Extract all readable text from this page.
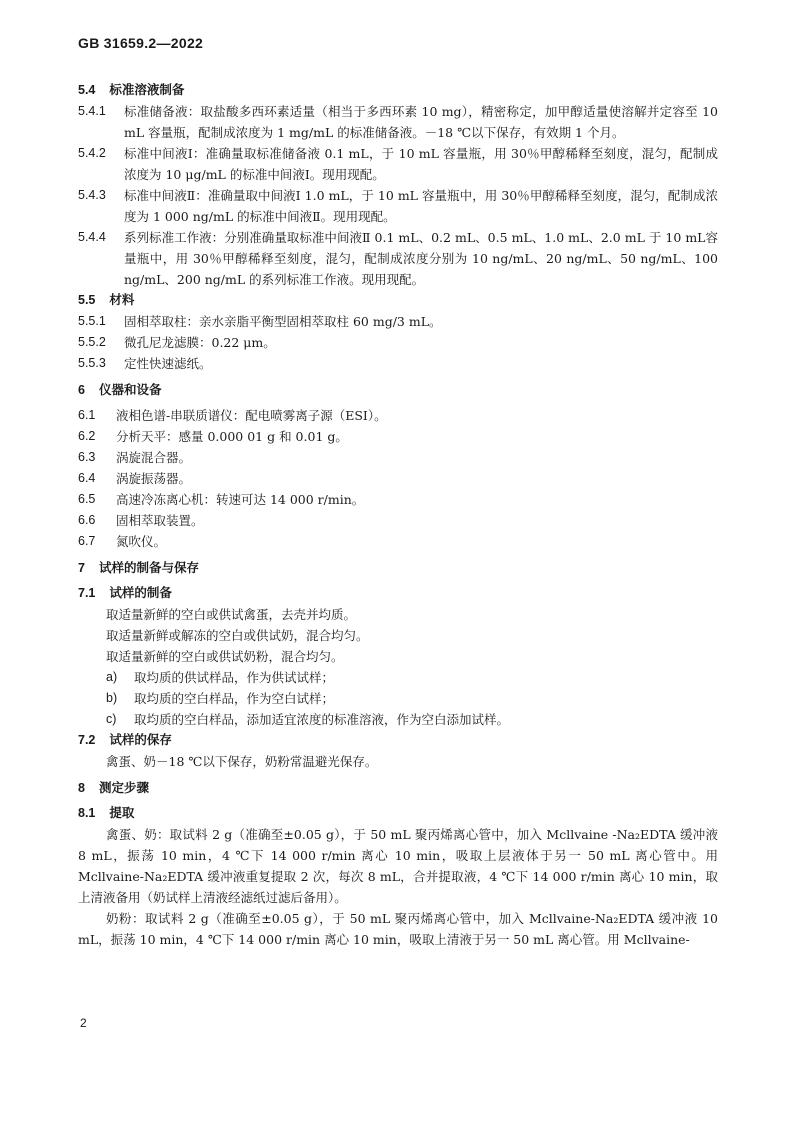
GB 31659.2—2022
5.4 标准溶液制备
5.4.1	标准储备液：取盐酸多西环素适量（相当于多西环素 10 mg），精密称定，加甲醇适量使溶解并定容至 10 mL 容量瓶，配制成浓度为 1 mg/mL 的标准储备液。－18 ℃以下保存，有效期 1 个月。
5.4.2	标准中间液Ⅰ：准确量取标准储备液 0.1 mL，于 10 mL 容量瓶，用 30％甲醇稀释至刻度，混匀，配制成浓度为 10 μg/mL 的标准中间液Ⅰ。现用现配。
5.4.3	标准中间液Ⅱ：准确量取中间液Ⅰ 1.0 mL，于 10 mL 容量瓶中，用 30％甲醇稀释至刻度，混匀，配制成浓度为 1 000 ng/mL 的标准中间液Ⅱ。现用现配。
5.4.4	系列标准工作液：分别准确量取标准中间液Ⅱ 0.1 mL、0.2 mL、0.5 mL、1.0 mL、2.0 mL 于 10 mL容量瓶中，用 30％甲醇稀释至刻度，混匀，配制成浓度分别为 10 ng/mL、20 ng/mL、50 ng/mL、100 ng/mL、200 ng/mL 的系列标准工作液。现用现配。
5.5 材料
5.5.1	固相萃取柱：亲水亲脂平衡型固相萃取柱 60 mg/3 mL。
5.5.2	微孔尼龙滤膜：0.22 μm。
5.5.3	定性快速滤纸。
6 仪器和设备
6.1	液相色谱-串联质谱仪：配电喷雾离子源（ESI）。
6.2	分析天平：感量 0.000 01 g 和 0.01 g。
6.3	涡旋混合器。
6.4	涡旋振荡器。
6.5	高速冷冻离心机：转速可达 14 000 r/min。
6.6	固相萃取装置。
6.7	氮吹仪。
7 试样的制备与保存
7.1 试样的制备
取适量新鲜的空白或供试禽蛋，去壳并均质。
取适量新鲜或解冻的空白或供试奶，混合均匀。
取适量新鲜的空白或供试奶粉，混合均匀。
a)	取均质的供试样品，作为供试试样；
b)	取均质的空白样品，作为空白试样；
c)	取均质的空白样品，添加适宜浓度的标准溶液，作为空白添加试样。
7.2 试样的保存
禽蛋、奶－18 ℃以下保存，奶粉常温避光保存。
8 测定步骤
8.1 提取
禽蛋、奶：取试料 2 g（准确至±0.05 g），于 50 mL 聚丙烯离心管中，加入 Mcllvaine -Na₂EDTA 缓冲液 8 mL，振荡 10 min，4 ℃下 14 000 r/min 离心 10 min，吸取上层液体于另一 50 mL 离心管中。用 Mcllvaine-Na₂EDTA 缓冲液重复提取 2 次，每次 8 mL，合并提取液，4 ℃下 14 000 r/min 离心 10 min，取上清液备用（奶试样上清液经滤纸过滤后备用）。
奶粉：取试料 2 g（准确至±0.05 g），于 50 mL 聚丙烯离心管中，加入 Mcllvaine-Na₂EDTA 缓冲液 10 mL，振荡 10 min，4 ℃下 14 000 r/min 离心 10 min，吸取上清液于另一 50 mL 离心管。用 Mcllvaine-
2
